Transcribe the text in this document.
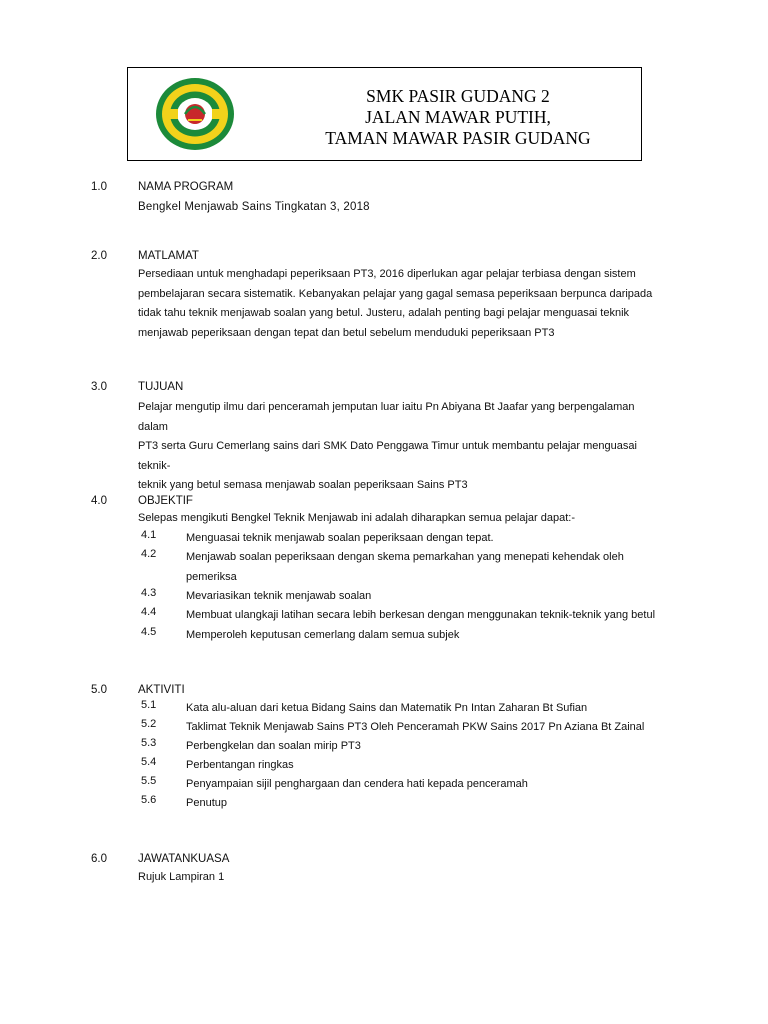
SMK PASIR GUDANG 2
JALAN MAWAR PUTIH,
TAMAN MAWAR PASIR GUDANG
1.0	NAMA PROGRAM
Bengkel Menjawab Sains Tingkatan 3, 2018
2.0	MATLAMAT
Persediaan untuk menghadapi peperiksaan PT3, 2016 diperlukan agar pelajar terbiasa dengan sistem
pembelajaran secara sistematik. Kebanyakan pelajar yang gagal semasa peperiksaan berpunca daripada
tidak tahu teknik menjawab soalan yang betul. Justeru, adalah penting bagi pelajar menguasai teknik
menjawab peperiksaan dengan tepat dan betul sebelum menduduki peperiksaan PT3
3.0	TUJUAN
Pelajar mengutip ilmu dari penceramah jemputan luar iaitu Pn Abiyana Bt Jaafar yang berpengalaman dalam
PT3 serta Guru Cemerlang sains dari SMK Dato Penggawa Timur untuk membantu pelajar menguasai teknik-
teknik yang betul semasa menjawab soalan peperiksaan Sains PT3
4.0	OBJEKTIF
Selepas mengikuti Bengkel Teknik Menjawab ini adalah diharapkan semua pelajar dapat:-
4.1	Menguasai teknik menjawab soalan peperiksaan dengan tepat.
4.2	Menjawab soalan peperiksaan dengan skema pemarkahan yang menepati kehendak oleh
pemeriksa
4.3	Mevariasikan teknik menjawab soalan
4.4	Membuat ulangkaji latihan secara lebih berkesan dengan menggunakan teknik-teknik yang betul
4.5	Memperoleh keputusan cemerlang dalam semua subjek
5.0	AKTIVITI
5.1	Kata alu-aluan dari ketua Bidang Sains dan Matematik Pn Intan Zaharan Bt Sufian
5.2	Taklimat Teknik Menjawab Sains PT3 Oleh Penceramah PKW Sains 2017 Pn Aziana Bt Zainal
5.3	Perbengkelan dan soalan mirip PT3
5.4	Perbentangan ringkas
5.5	Penyampaian sijil penghargaan dan cendera hati kepada penceramah
5.6	Penutup
6.0	JAWATANKUASA
Rujuk Lampiran 1
